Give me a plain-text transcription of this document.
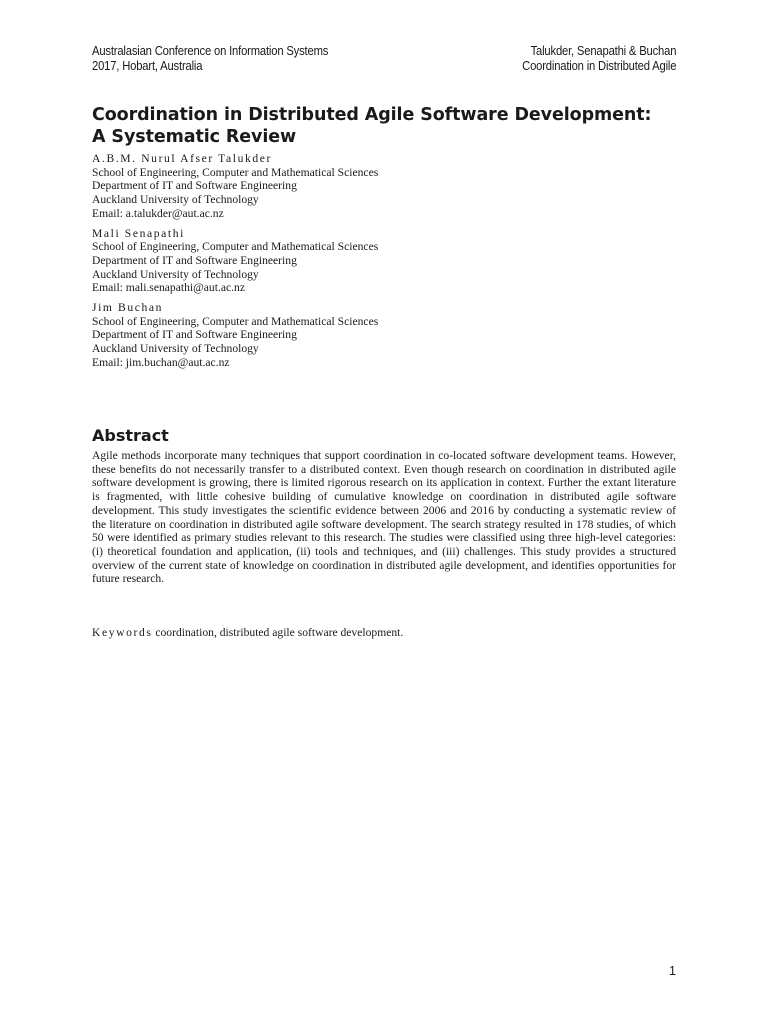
Australasian Conference on Information Systems
2017, Hobart, Australia
Talukder, Senapathi & Buchan
Coordination in Distributed Agile
Coordination in Distributed Agile Software Development:
A Systematic Review
A.B.M. Nurul Afser Talukder
School of Engineering, Computer and Mathematical Sciences
Department of IT and Software Engineering
Auckland University of Technology
Email: a.talukder@aut.ac.nz
Mali Senapathi
School of Engineering, Computer and Mathematical Sciences
Department of IT and Software Engineering
Auckland University of Technology
Email: mali.senapathi@aut.ac.nz
Jim Buchan
School of Engineering, Computer and Mathematical Sciences
Department of IT and Software Engineering
Auckland University of Technology
Email: jim.buchan@aut.ac.nz
Abstract

Agile methods incorporate many techniques that support coordination in co-located software development teams. However, these benefits do not necessarily transfer to a distributed context. Even though research on coordination in distributed agile software development is growing, there is limited rigorous research on its application in context. Further the extant literature is fragmented, with little cohesive building of cumulative knowledge on coordination in distributed agile software development. This study investigates the scientific evidence between 2006 and 2016 by conducting a systematic review of the literature on coordination in distributed agile software development. The search strategy resulted in 178 studies, of which 50 were identified as primary studies relevant to this research. The studies were classified using three high-level categories: (i) theoretical foundation and application, (ii) tools and techniques, and (iii) challenges. This study provides a structured overview of the current state of knowledge on coordination in distributed agile development, and identifies opportunities for future research.

Keywords coordination, distributed agile software development.

1
